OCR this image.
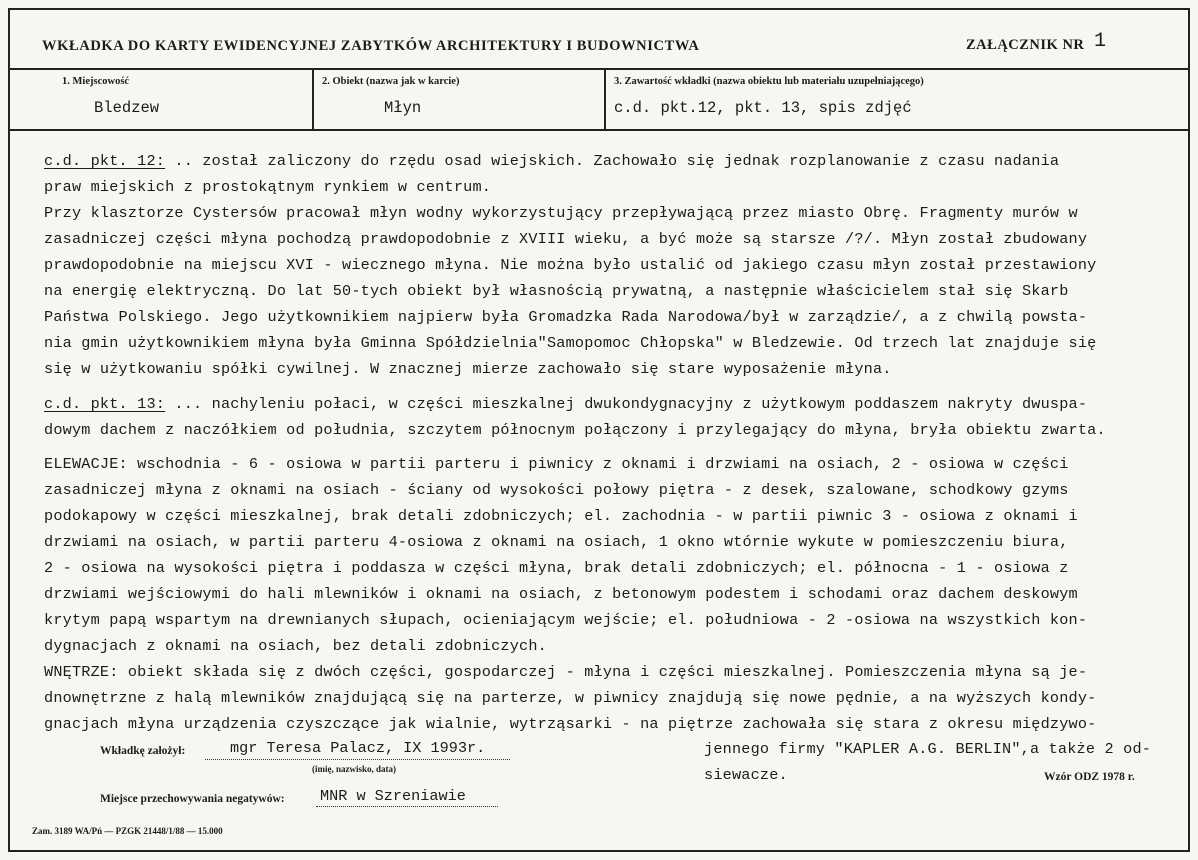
WKŁADKA DO KARTY EWIDENCYJNEJ ZABYTKÓW ARCHITEKTURY I BUDOWNICTWA	ZAŁĄCZNIK NR 1
1. Miejscowość
Bledzew
2. Obiekt (nazwa jak w karcie)
Młyn
3. Zawartość wkładki (nazwa obiektu lub materiału uzupełniającego)
c.d. pkt.12, pkt. 13, spis zdjęć
c.d. pkt. 12: .. został zaliczony do rzędu osad wiejskich. Zachowało się jednak rozplanowanie z czasu nadania
praw miejskich z prostokątnym rynkiem w centrum.
Przy klasztorze Cystersów pracował młyn wodny wykorzystujący przepływającą przez miasto Obrę. Fragmenty murów w
zasadniczej części młyna pochodzą prawdopodobnie z XVIII wieku, a być może są starsze /?/. Młyn został zbudowany
prawdopodobnie na miejscu XVI - wiecznego młyna. Nie można było ustalić od jakiego czasu młyn został przestawiony
na energię elektryczną. Do lat 50-tych obiekt był własnością prywatną, a następnie właścicielem stał się Skarb
Państwa Polskiego. Jego użytkownikiem najpierw była Gromadzka Rada Narodowa/był w zarządzie/, a z chwilą powsta-
nia gmin użytkownikiem młyna była Gminna Spółdzielnia"Samopomoc Chłopska" w Bledzewie. Od trzech lat znajduje się
się w użytkowaniu spółki cywilnej. W znacznej mierze zachowało się stare wyposażenie młyna.
c.d. pkt. 13: ... nachyleniu połaci, w części mieszkalnej dwukondygnacyjny z użytkowym poddaszem nakryty dwuspa-
dowym dachem z naczółkiem od południa, szczytem północnym połączony i przylegający do młyna, bryła obiektu zwarta.
ELEWACJE: wschodnia - 6 - osiowa w partii parteru i piwnicy z oknami i drzwiami na osiach, 2 - osiowa w części
zasadniczej młyna z oknami na osiach - ściany od wysokości połowy piętra - z desek, szalowane, schodkowy gzyms
podokapowy w części mieszkalnej, brak detali zdobniczych; el. zachodnia - w partii piwnic 3 - osiowa z oknami i
drzwiami na osiach, w partii parteru 4-osiowa z oknami na osiach, 1 okno wtórnie wykute w pomieszczeniu biura,
2 - osiowa na wysokości piętra i poddasza w części młyna, brak detali zdobniczych; el. północna - 1 - osiowa z
drzwiami wejściowymi do hali mlewników i oknami na osiach, z betonowym podestem i schodami oraz dachem deskowym
krytym papą wspartym na drewnianych słupach, ocieniającym wejście; el. południowa - 2 -osiowa na wszystkich kon-
dygnacjach z oknami na osiach, bez detali zdobniczych.
WNĘTRZE: obiekt składa się z dwóch części, gospodarczej - młyna i części mieszkalnej. Pomieszczenia młyna są je-
dnownętrzne z halą mlewników znajdującą się na parterze, w piwnicy znajdują się nowe pędnie, a na wyższych kondy-
gnacjach młyna urządzenia czyszczące jak wialnie, wytrząsarki - na piętrze zachowała się stara z okresu międzywo-
jennego firmy "KAPLER A.G. BERLIN",a także 2 od-
siewacze.
Wkładkę założył:	mgr Teresa Palacz, IX 1993r.
(imię, nazwisko, data)
Wzór ODZ 1978 r.
Miejsce przechowywania negatywów: MNR w Szreniawie
Zam. 3189 WA/Pń — PZGK 21448/1/88 — 15.000
